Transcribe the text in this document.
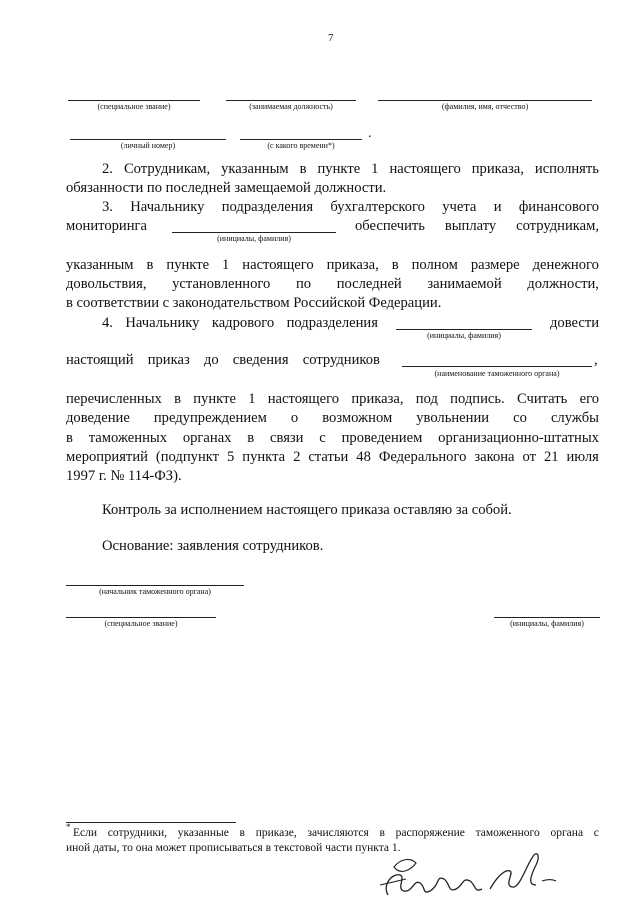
7
(специальное звание)	(занимаемая должность)	(фамилия, имя, отчество)
(личный номер)	(с какого времени*)
.
2. Сотрудникам, указанным в пункте 1 настоящего приказа, исполнять
обязанности по последней замещаемой должности.
3. Начальнику подразделения бухгалтерского учета и финансового
мониторинга
(инициалы, фамилия)
обеспечить выплату сотрудникам,
указанным в пункте 1 настоящего приказа, в полном размере денежного
довольствия, установленного по последней занимаемой должности,
в соответствии с законодательством Российской Федерации.
4. Начальнику кадрового подразделения
(инициалы, фамилия)
довести
настоящий приказ до сведения сотрудников
(наименование таможенного органа)
,
перечисленных в пункте 1 настоящего приказа, под подпись. Считать его
доведение предупреждением о возможном увольнении со службы
в таможенных органах в связи с проведением организационно-штатных
мероприятий (подпункт 5 пункта 2 статьи 48 Федерального закона от 21 июля
1997 г. № 114-ФЗ).
Контроль за исполнением настоящего приказа оставляю за собой.
Основание: заявления сотрудников.
(начальник таможенного органа)
(специальное звание)	(инициалы, фамилия)
* Если сотрудники, указанные в приказе, зачисляются в распоряжение таможенного органа с
иной даты, то она может прописываться в текстовой части пункта 1.
